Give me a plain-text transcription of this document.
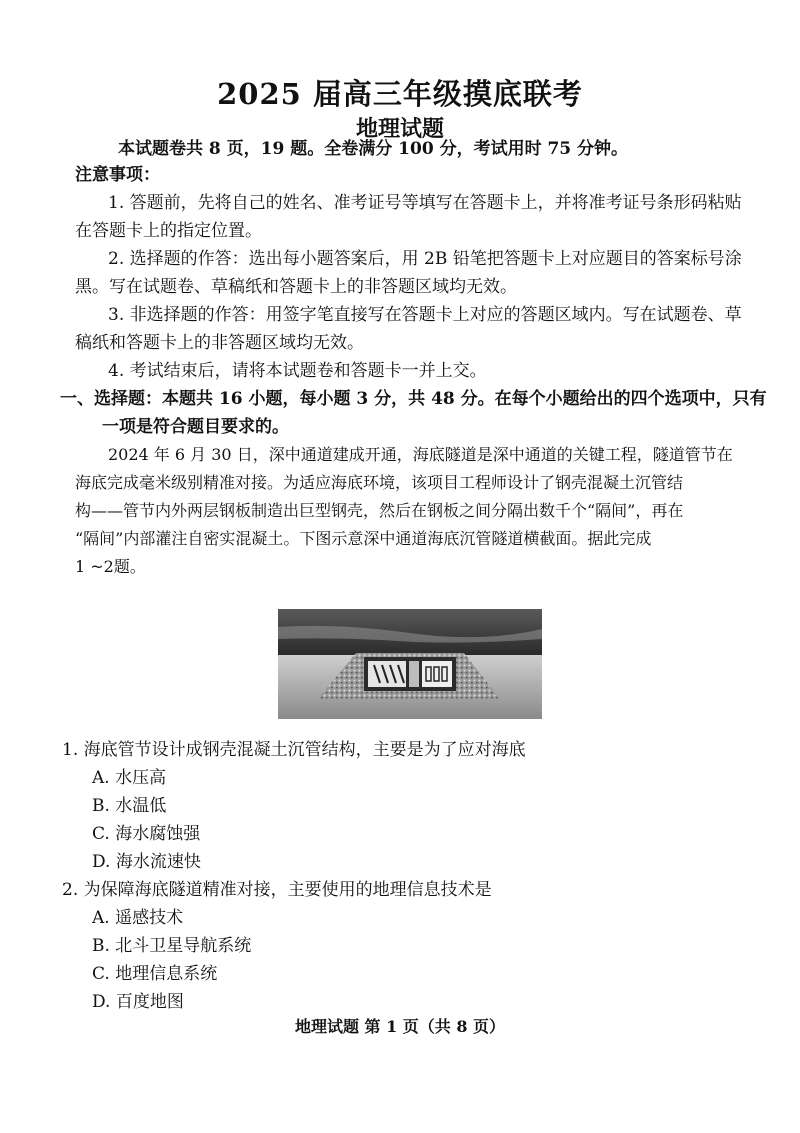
2025 届高三年级摸底联考
地理试题
本试题卷共 8 页，19 题。全卷满分 100 分，考试用时 75 分钟。
注意事项：
1. 答题前，先将自己的姓名、准考证号等填写在答题卡上，并将准考证号条形码粘贴
在答题卡上的指定位置。
2. 选择题的作答：选出每小题答案后，用 2B 铅笔把答题卡上对应题目的答案标号涂
黑。写在试题卷、草稿纸和答题卡上的非答题区域均无效。
3. 非选择题的作答：用签字笔直接写在答题卡上对应的答题区域内。写在试题卷、草
稿纸和答题卡上的非答题区域均无效。
4. 考试结束后，请将本试题卷和答题卡一并上交。
一、选择题：本题共 16 小题，每小题 3 分，共 48 分。在每个小题给出的四个选项中，只有
一项是符合题目要求的。
2024 年 6 月 30 日，深中通道建成开通，海底隧道是深中通道的关键工程，隧道管节在
海底完成毫米级别精准对接。为适应海底环境，该项目工程师设计了钢壳混凝土沉管结
构——管节内外两层钢板制造出巨型钢壳，然后在钢板之间分隔出数千个“隔间”，再在
“隔间”内部灌注自密实混凝土。下图示意深中通道海底沉管隧道横截面。据此完成
1 ~2题。
1. 海底管节设计成钢壳混凝土沉管结构，主要是为了应对海底
A. 水压高
B. 水温低
C. 海水腐蚀强
D. 海水流速快
2. 为保障海底隧道精准对接，主要使用的地理信息技术是
A. 遥感技术
B. 北斗卫星导航系统
C. 地理信息系统
D. 百度地图
地理试题 第 1 页（共 8 页）
